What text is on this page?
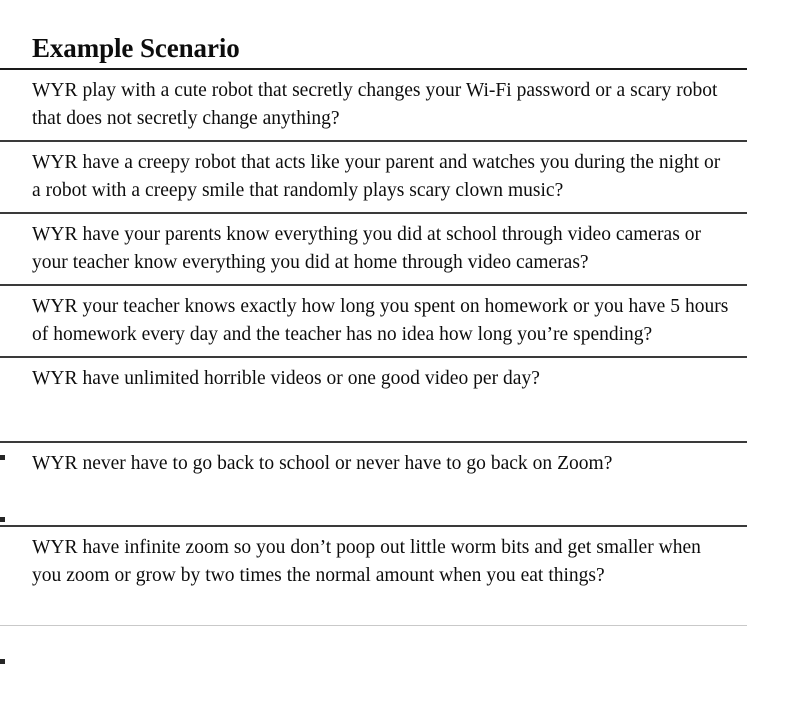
Example Scenario
WYR play with a cute robot that secretly changes your Wi-Fi password or a scary robot that does not secretly change anything?
WYR have a creepy robot that acts like your parent and watches you during the night or a robot with a creepy smile that randomly plays scary clown music?
WYR have your parents know everything you did at school through video cameras or your teacher know everything you did at home through video cameras?
WYR your teacher knows exactly how long you spent on homework or you have 5 hours of homework every day and the teacher has no idea how long you’re spending?
WYR have unlimited horrible videos or one good video per day?
WYR never have to go back to school or never have to go back on Zoom?
WYR have infinite zoom so you don’t poop out little worm bits and get smaller when you zoom or grow by two times the normal amount when you eat things?
